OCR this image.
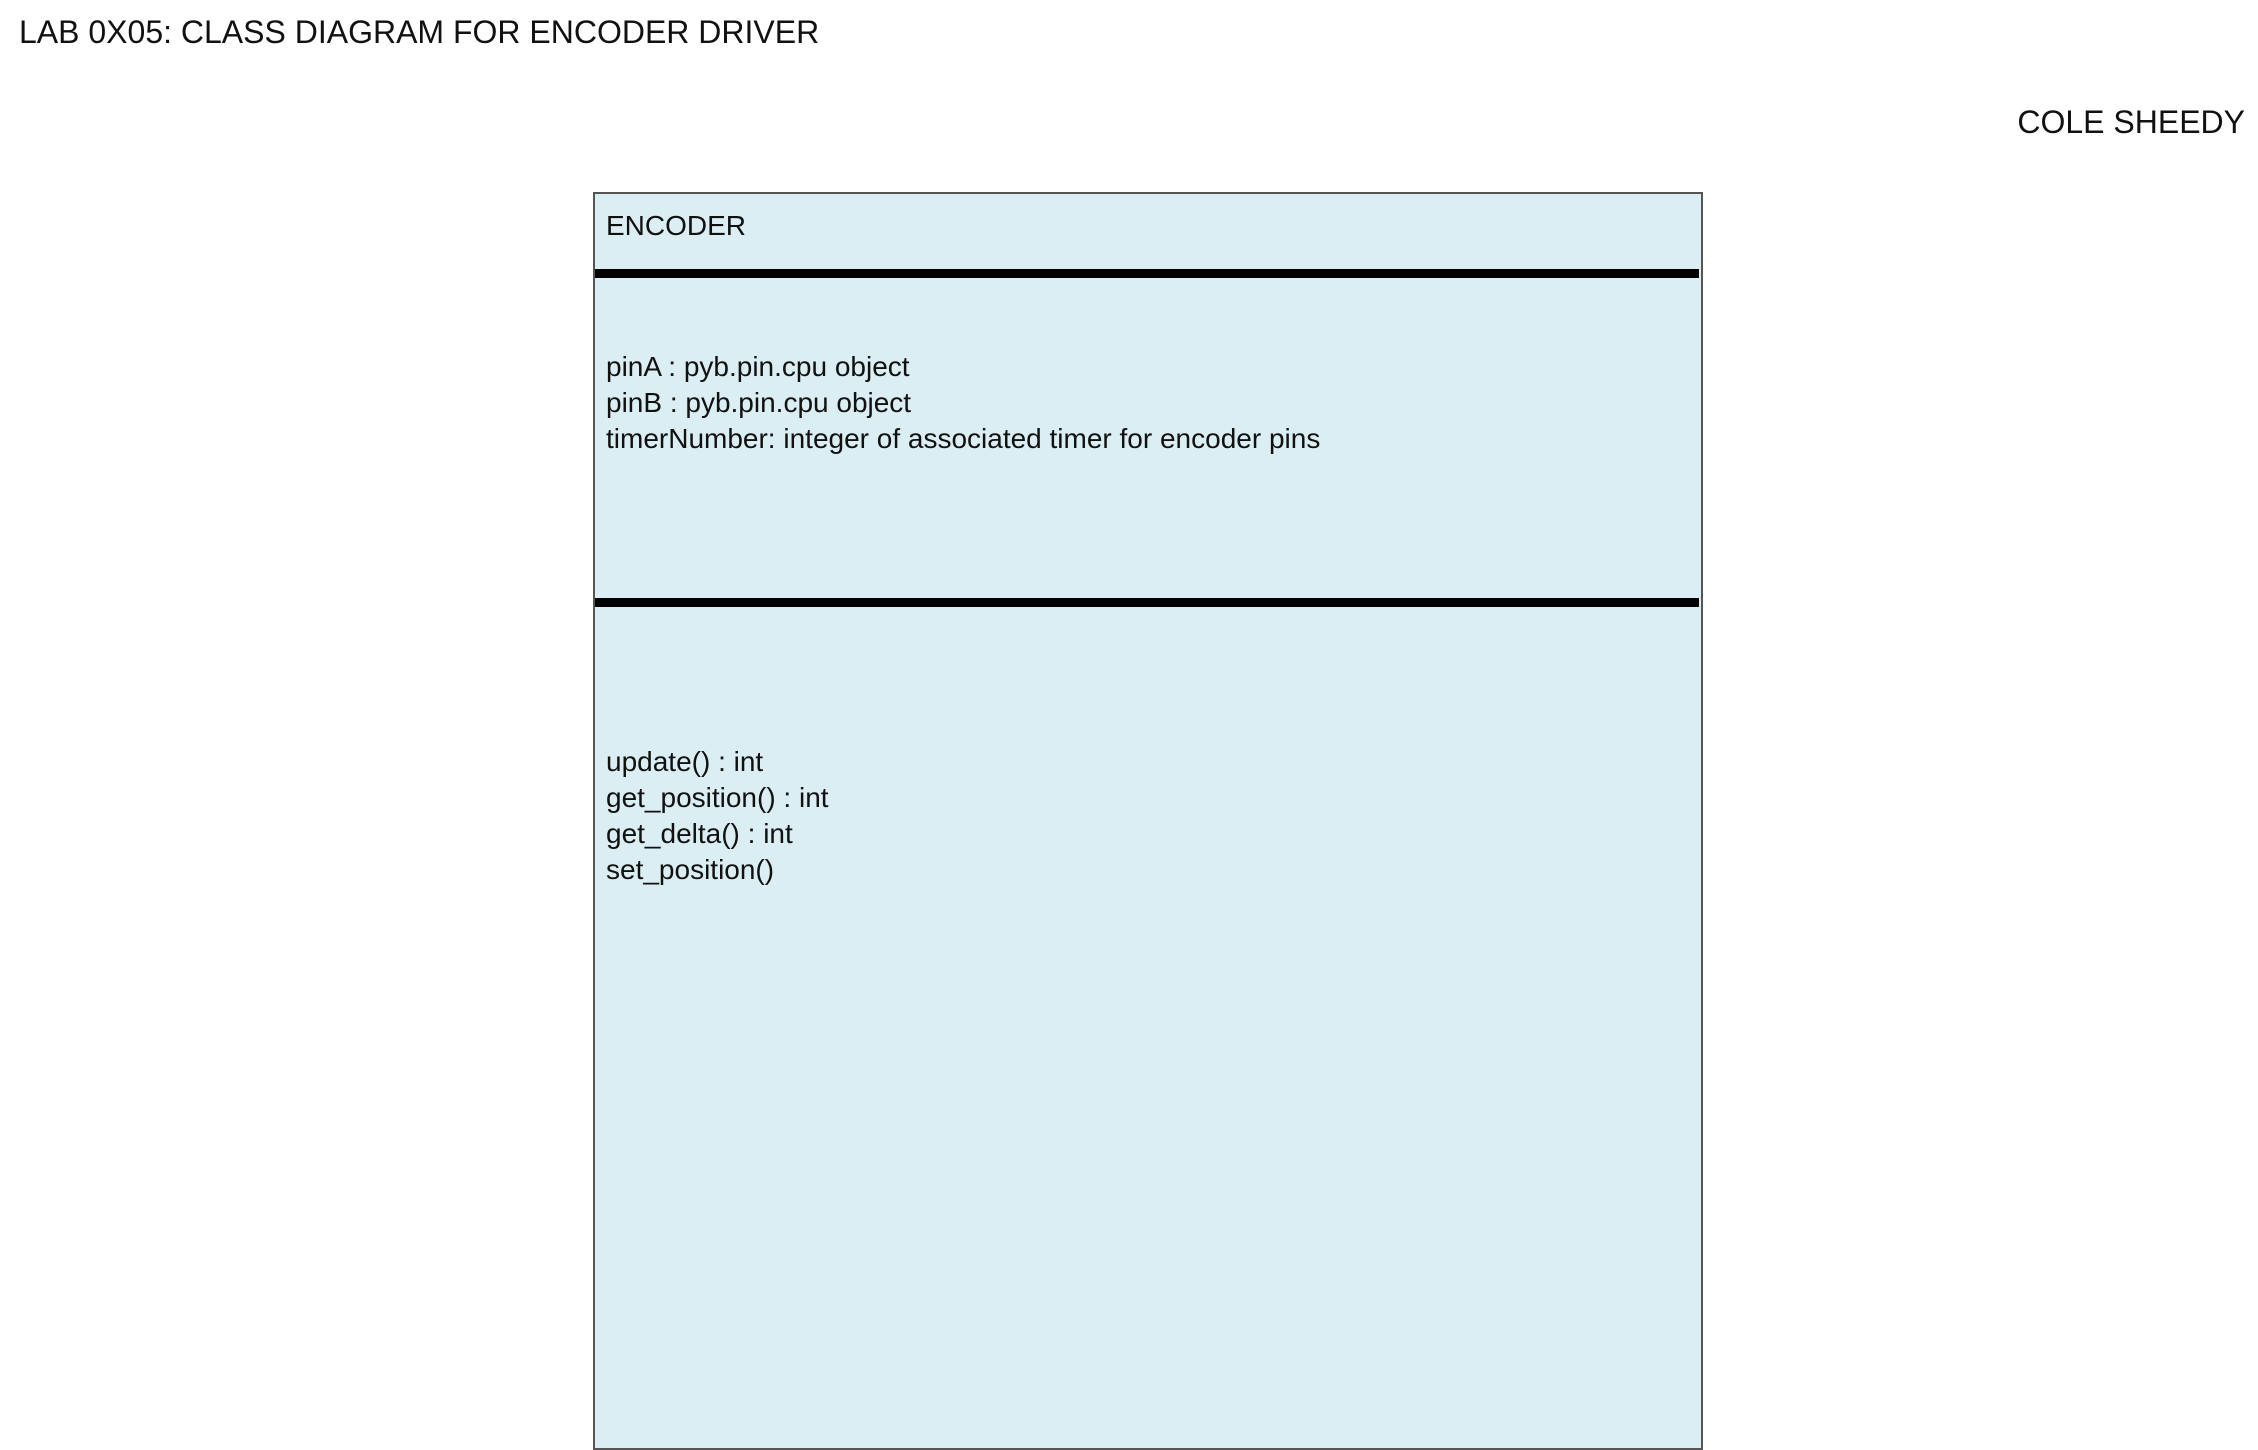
LAB 0X05: CLASS DIAGRAM FOR ENCODER DRIVER
COLE SHEEDY
ENCODER
pinA : pyb.pin.cpu object
pinB : pyb.pin.cpu object
timerNumber: integer of associated timer for encoder pins
update() : int
get_position() : int
get_delta() : int
set_position()
